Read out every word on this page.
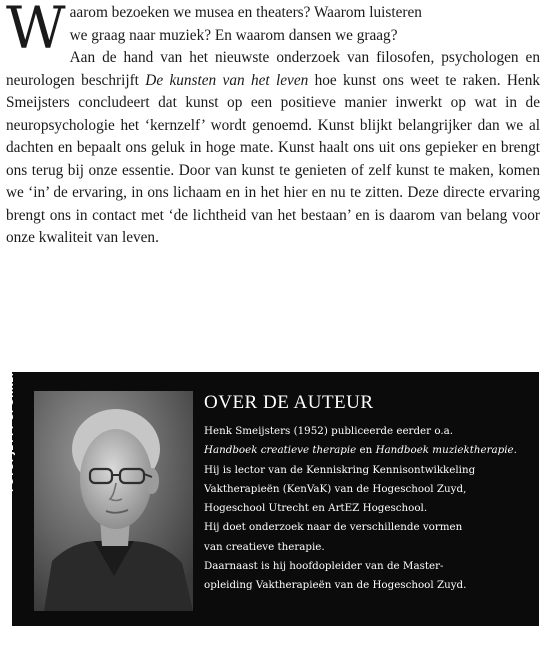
W aarom bezoeken we musea en theaters? Waarom luisteren

we graag naar muziek? En waarom dansen we graag?

Aan de hand van het nieuwste onderzoek van filosofen, psychologen en neurologen beschrijft De kunsten van het leven hoe kunst ons weet te raken. Henk Smeijsters concludeert dat kunst op een positieve manier inwerkt op wat in de neuropsychologie het ‘kernzelf’ wordt genoemd. Kunst blijkt belangrijker dan we al dachten en bepaalt ons geluk in hoge mate. Kunst haalt ons uit ons gepieker en brengt ons terug bij onze essentie. Door van kunst te genieten of zelf kunst te maken, komen we ‘in’ de ervaring, in ons lichaam en in het hier en nu te zitten. Deze directe ervaring brengt ons in contact met ‘de lichtheid van het bestaan’ en is daarom van belang voor onze kwaliteit van leven.

FOTO: JETTY SPORKEN	OVER DE AUTEUR
Henk Smeijsters (1952) publiceerde eerder o.a.
Handboek creatieve therapie en Handboek muziektherapie.
Hij is lector van de Kenniskring Kennisontwikkeling
Vaktherapieën (KenVaK) van de Hogeschool Zuyd,
Hogeschool Utrecht en ArtEZ Hogeschool.
Hij doet onderzoek naar de verschillende vormen
van creatieve therapie.
Daarnaast is hij hoofdopleider van de Master-
opleiding Vaktherapieën van de Hogeschool Zuyd.
